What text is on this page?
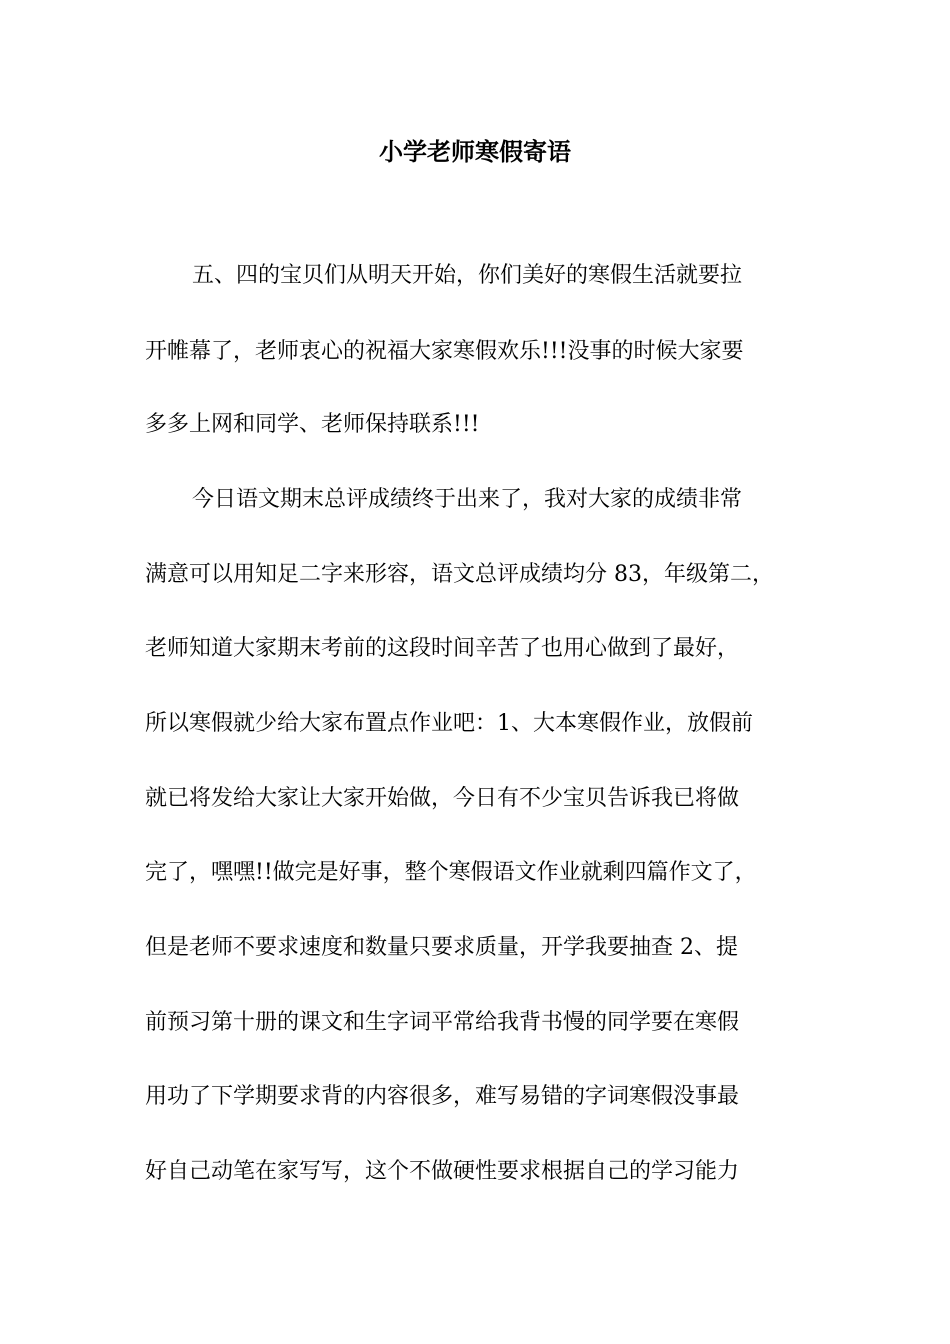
小学老师寒假寄语

五、四的宝贝们从明天开始，你们美好的寒假生活就要拉

开帷幕了，老师衷心的祝福大家寒假欢乐!!!没事的时候大家要

多多上网和同学、老师保持联系!!!

今日语文期末总评成绩终于出来了，我对大家的成绩非常

满意可以用知足二字来形容，语文总评成绩均分 83，年级第二，

老师知道大家期末考前的这段时间辛苦了也用心做到了最好，

所以寒假就少给大家布置点作业吧：1、大本寒假作业，放假前

就已将发给大家让大家开始做，今日有不少宝贝告诉我已将做

完了，嘿嘿!!做完是好事，整个寒假语文作业就剩四篇作文了，

但是老师不要求速度和数量只要求质量，开学我要抽查 2、提

前预习第十册的课文和生字词平常给我背书慢的同学要在寒假

用功了下学期要求背的内容很多，难写易错的字词寒假没事最

好自己动笔在家写写，这个不做硬性要求根据自己的学习能力
